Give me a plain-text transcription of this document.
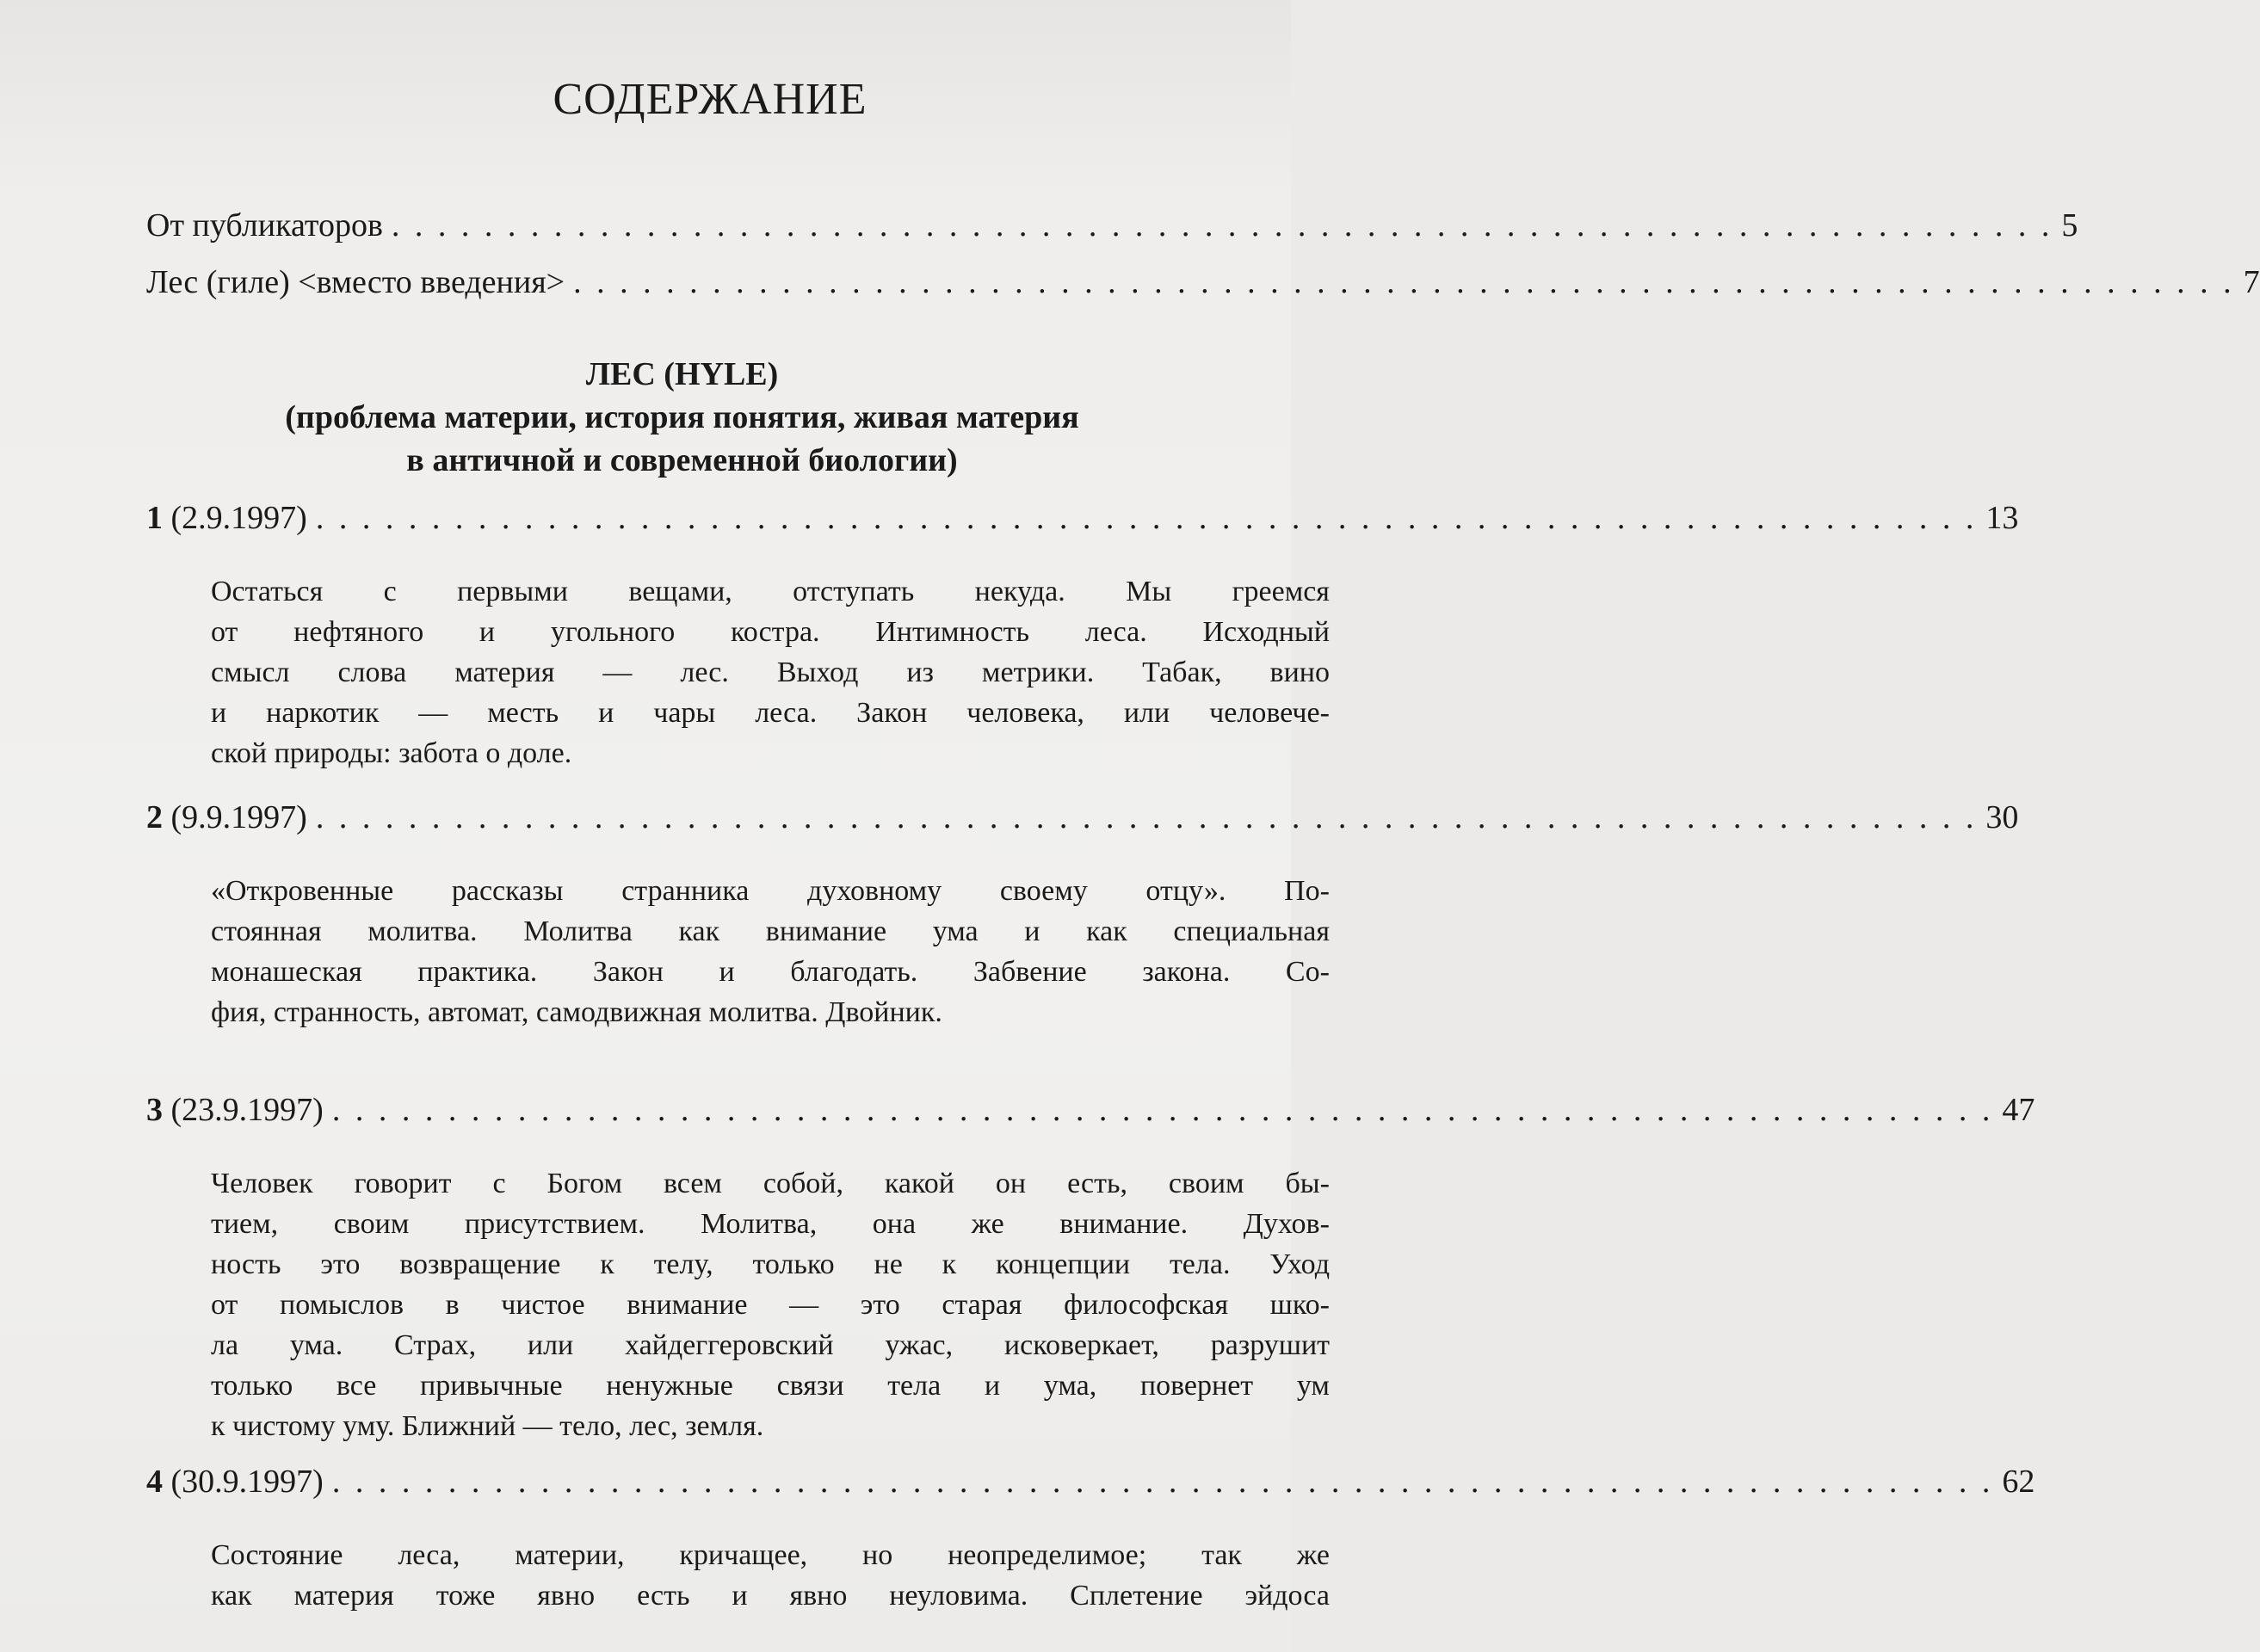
СОДЕРЖАНИЕ
От публикаторов . . . . . . . . . . . . . . . . . . . . . . . . . . . . . . . . . . . . . . . . . . . . . . . . . . . . . . . . . . . . . . . . . . . . . . . . 5
Лес (гиле) <вместо введения> . . . . . . . . . . . . . . . . . . . . . . . . . . . . . . . . . . . . . . . . . . . . . . . . . . . . . . . . . . . . . . . . . . . . . . . . 7
ЛЕС (HYLE)
(проблема материи, история понятия, живая материя
в античной и современной биологии)
1 (2.9.1997) . . . . . . . . . . . . . . . . . . . . . . . . . . . . . . . . . . . . . . . . . . . . . . . . . . . . . . . . . . . . . . . . . . . . . . . . 13
Остаться с первыми вещами, отступать некуда. Мы греемся
от нефтяного и угольного костра. Интимность леса. Исходный
смысл слова материя — лес. Выход из метрики. Табак, вино
и наркотик — месть и чары леса. Закон человека, или человече-
ской природы: забота о доле.
2 (9.9.1997) . . . . . . . . . . . . . . . . . . . . . . . . . . . . . . . . . . . . . . . . . . . . . . . . . . . . . . . . . . . . . . . . . . . . . . . . 30
«Откровенные рассказы странника духовному своему отцу». По-
стоянная молитва. Молитва как внимание ума и как специальная
монашеская практика. Закон и благодать. Забвение закона. Со-
фия, странность, автомат, самодвижная молитва. Двойник.
3 (23.9.1997) . . . . . . . . . . . . . . . . . . . . . . . . . . . . . . . . . . . . . . . . . . . . . . . . . . . . . . . . . . . . . . . . . . . . . . . . 47
Человек говорит с Богом всем собой, какой он есть, своим бы-
тием, своим присутствием. Молитва, она же внимание. Духов-
ность это возвращение к телу, только не к концепции тела. Уход
от помыслов в чистое внимание — это старая философская шко-
ла ума. Страх, или хайдеггеровский ужас, исковеркает, разрушит
только все привычные ненужные связи тела и ума, повернет ум
к чистому уму. Ближний — тело, лес, земля.
4 (30.9.1997) . . . . . . . . . . . . . . . . . . . . . . . . . . . . . . . . . . . . . . . . . . . . . . . . . . . . . . . . . . . . . . . . . . . . . . . . 62
Состояние леса, материи, кричащее, но неопределимое; так же
как материя тоже явно есть и явно неуловима. Сплетение эйдоса
